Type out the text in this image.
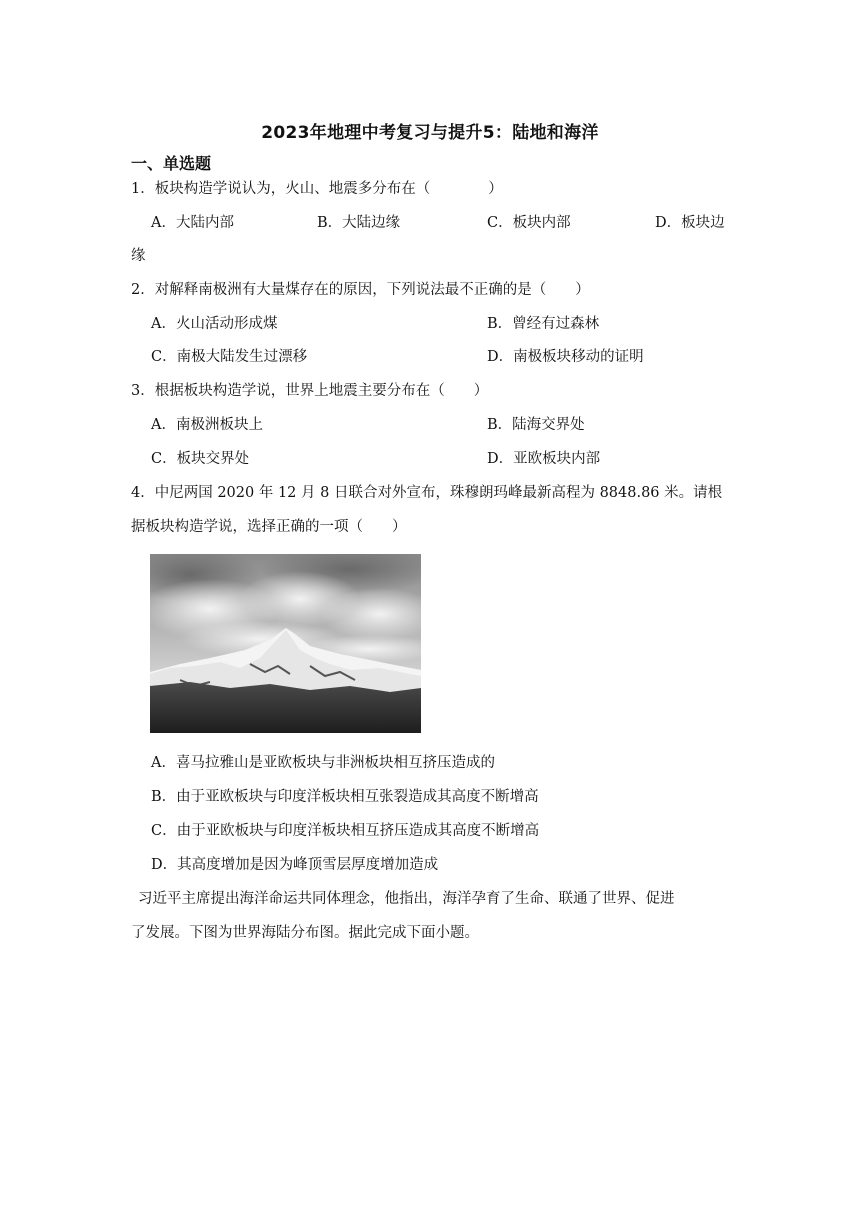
2023年地理中考复习与提升5：陆地和海洋
一、单选题
1．板块构造学说认为，火山、地震多分布在（　　　　）
A．大陆内部	B．大陆边缘	C．板块内部	D．板块边
缘
2．对解释南极洲有大量煤存在的原因，下列说法最不正确的是（　　）
A．火山活动形成煤	B．曾经有过森林
C．南极大陆发生过漂移	D．南极板块移动的证明
3．根据板块构造学说，世界上地震主要分布在（　　）
A．南极洲板块上	B．陆海交界处
C．板块交界处	D．亚欧板块内部
4．中尼两国 2020 年 12 月 8 日联合对外宣布，珠穆朗玛峰最新高程为 8848.86 米。请根
据板块构造学说，选择正确的一项（　　）
A．喜马拉雅山是亚欧板块与非洲板块相互挤压造成的
B．由于亚欧板块与印度洋板块相互张裂造成其高度不断增高
C．由于亚欧板块与印度洋板块相互挤压造成其高度不断增高
D．其高度增加是因为峰顶雪层厚度增加造成
习近平主席提出海洋命运共同体理念，他指出，海洋孕育了生命、联通了世界、促进
了发展。下图为世界海陆分布图。据此完成下面小题。
